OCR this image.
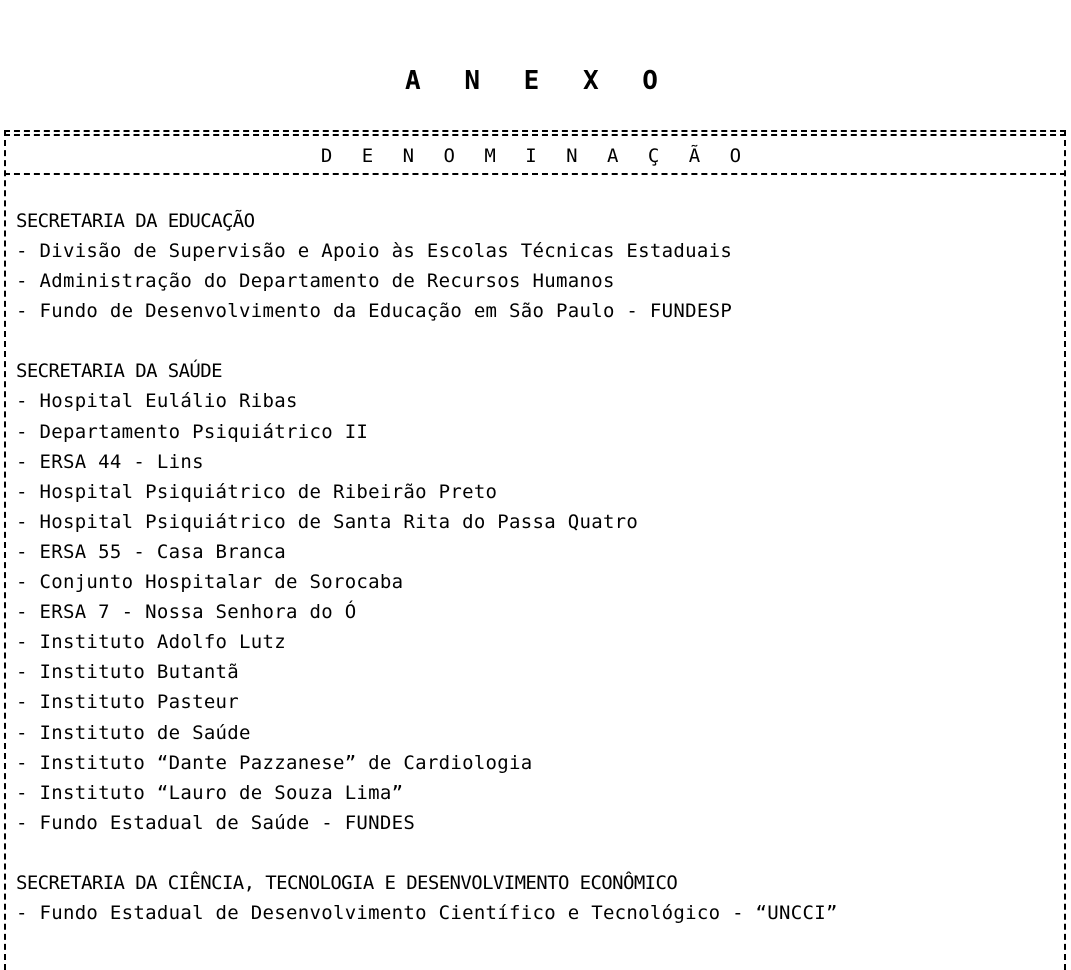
A N E X O
D E N O M I N A Ç Ã O
SECRETARIA DA EDUCAÇÃO
- Divisão de Supervisão e Apoio às Escolas Técnicas Estaduais
- Administração do Departamento de Recursos Humanos
- Fundo de Desenvolvimento da Educação em São Paulo - FUNDESP
SECRETARIA DA SAÚDE
- Hospital Eulálio Ribas
- Departamento Psiquiátrico II
- ERSA 44 - Lins
- Hospital Psiquiátrico de Ribeirão Preto
- Hospital Psiquiátrico de Santa Rita do Passa Quatro
- ERSA 55 - Casa Branca
- Conjunto Hospitalar de Sorocaba
- ERSA 7 - Nossa Senhora do Ó
- Instituto Adolfo Lutz
- Instituto Butantã
- Instituto Pasteur
- Instituto de Saúde
- Instituto “Dante Pazzanese” de Cardiologia
- Instituto “Lauro de Souza Lima”
- Fundo Estadual de Saúde - FUNDES
SECRETARIA DA CIÊNCIA, TECNOLOGIA E DESENVOLVIMENTO ECONÔMICO
- Fundo Estadual de Desenvolvimento Científico e Tecnológico - “UNCCI”
